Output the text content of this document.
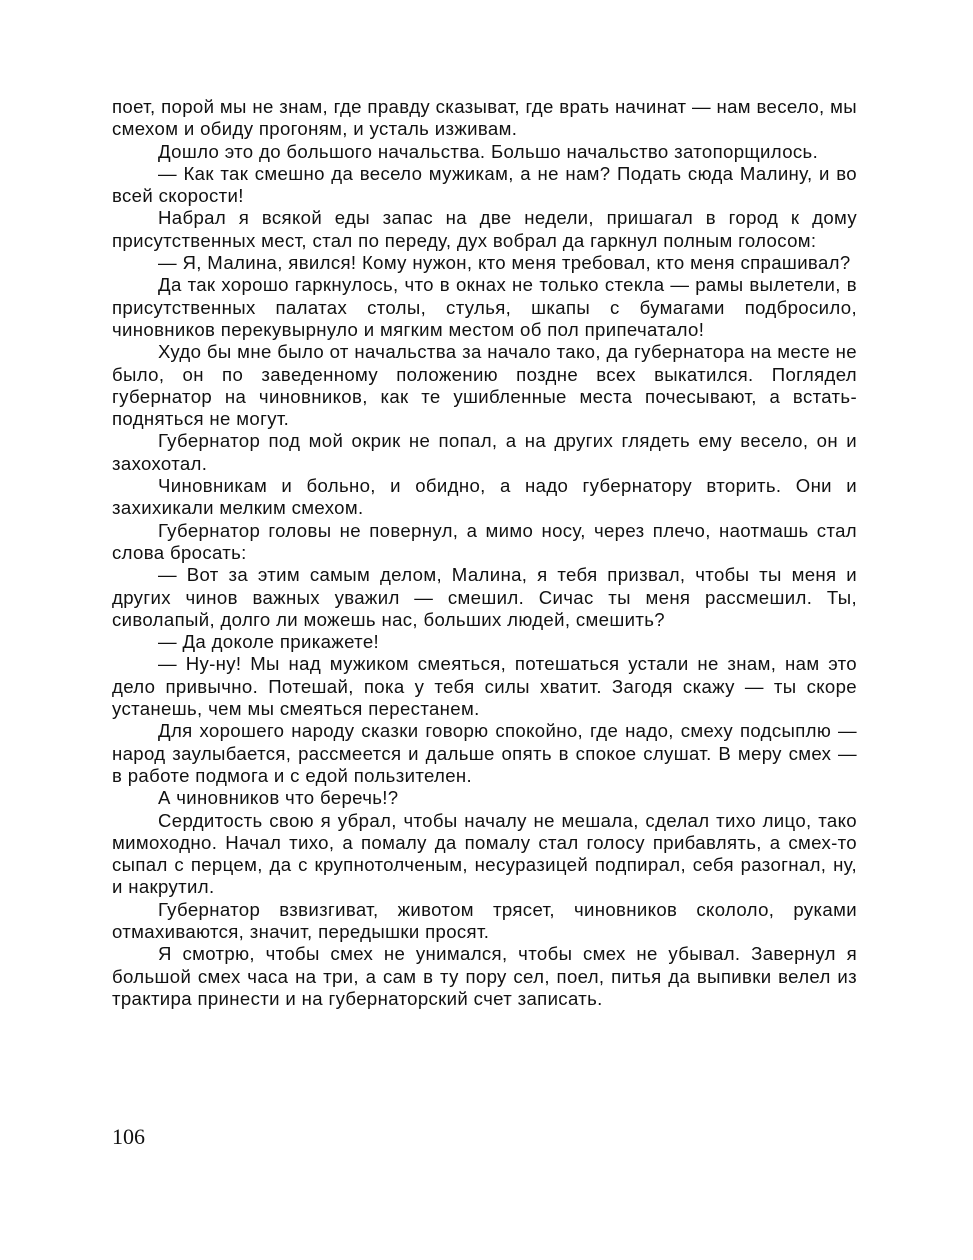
поет, порой мы не знам, где правду сказыват, где врать начинат — нам весело, мы смехом и обиду прогоням, и усталь изживам.

Дошло это до большого начальства. Большо начальство затопорщилось.

— Как так смешно да весело мужикам, а не нам? Подать сюда Малину, и во всей скорости!

Набрал я всякой еды запас на две недели, пришагал в город к дому присутственных мест, стал по переду, дух вобрал да гаркнул полным голосом:

— Я, Малина, явился! Кому нужон, кто меня требовал, кто меня спрашивал?

Да так хорошо гаркнулось, что в окнах не только стекла — рамы вылетели, в присутственных палатах столы, стулья, шкапы с бумагами подбросило, чиновников перекувырнуло и мягким местом об пол припечатало!

Худо бы мне было от начальства за начало тако, да губернатора на месте не было, он по заведенному положению поздне всех выкатился. Поглядел губернатор на чиновников, как те ушибленные места почесывают, а встать-подняться не могут.

Губернатор под мой окрик не попал, а на других глядеть ему весело, он и захохотал.

Чиновникам и больно, и обидно, а надо губернатору вторить. Они и захихикали мелким смехом.

Губернатор головы не повернул, а мимо носу, через плечо, наотмашь стал слова бросать:

— Вот за этим самым делом, Малина, я тебя призвал, чтобы ты меня и других чинов важных уважил — смешил. Сичас ты меня рассмешил. Ты, сиволапый, долго ли можешь нас, больших людей, смешить?

— Да доколе прикажете!

— Ну-ну! Мы над мужиком смеяться, потешаться устали не знам, нам это дело привычно. Потешай, пока у тебя силы хватит. Загодя скажу — ты скоре устанешь, чем мы смеяться перестанем.

Для хорошего народу сказки говорю спокойно, где надо, смеху подсыплю — народ заулыбается, рассмеется и дальше опять в спокое слушат. В меру смех — в работе подмога и с едой пользителен.

А чиновников что беречь!?

Сердитость свою я убрал, чтобы началу не мешала, сделал тихо лицо, тако мимоходно. Начал тихо, а помалу да помалу стал голосу прибавлять, а смех-то сыпал с перцем, да с крупнотолченым, несуразицей подпирал, себя разогнал, ну, и накрутил.

Губернатор взвизгиват, животом трясет, чиновников скололо, руками отмахиваются, значит, передышки просят.

Я смотрю, чтобы смех не унимался, чтобы смех не убывал. Завернул я большой смех часа на три, а сам в ту пору сел, поел, питья да выпивки велел из трактира принести и на губернаторский счет записать.

106
